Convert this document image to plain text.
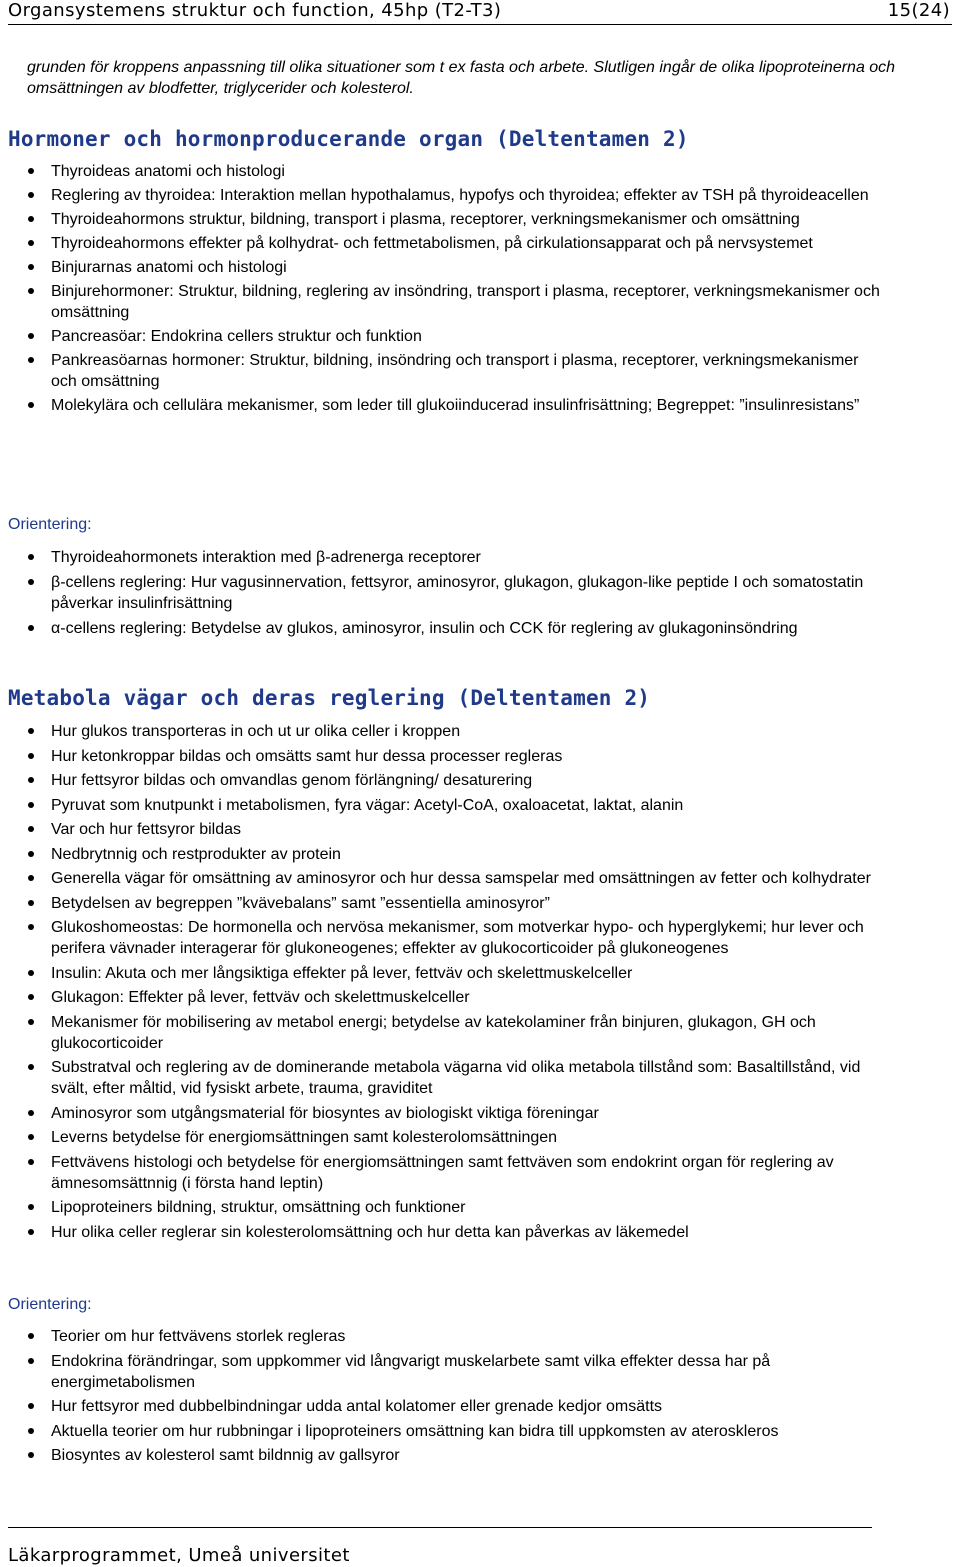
Organsystemens struktur och function, 45hp (T2-T3)	15(24)
grunden för kroppens anpassning till olika situationer som t ex fasta och arbete. Slutligen ingår de olika lipoproteinerna och omsättningen av blodfetter, triglycerider och kolesterol.
Hormoner och hormonproducerande organ (Deltentamen 2)
Thyroideas anatomi och histologi
Reglering av thyroidea: Interaktion mellan hypothalamus, hypofys och thyroidea; effekter av TSH på thyroideacellen
Thyroideahormons struktur, bildning, transport i plasma, receptorer, verkningsmekanismer och omsättning
Thyroideahormons effekter på kolhydrat- och fettmetabolismen, på cirkulationsapparat och på nervsystemet
Binjurarnas anatomi och histologi
Binjurehormoner: Struktur, bildning, reglering av insöndring, transport i plasma, receptorer, verkningsmekanismer och omsättning
Pancreasöar: Endokrina cellers struktur och funktion
Pankreasöarnas hormoner: Struktur, bildning, insöndring och transport i plasma, receptorer, verkningsmekanismer och omsättning
Molekylära och cellulära mekanismer, som leder till glukoiinducerad insulinfrisättning; Begreppet: ”insulinresistans”
Orientering:
Thyroideahormonets interaktion med β-adrenerga receptorer
β-cellens reglering: Hur vagusinnervation, fettsyror, aminosyror, glukagon, glukagon-like peptide I och somatostatin påverkar insulinfrisättning
α-cellens reglering: Betydelse av glukos, aminosyror, insulin och CCK för reglering av glukagoninsöndring
Metabola vägar och deras reglering (Deltentamen 2)
Hur glukos transporteras in och ut ur olika celler i kroppen
Hur ketonkroppar bildas och omsätts samt hur dessa processer regleras
Hur fettsyror bildas och omvandlas genom förlängning/ desaturering
Pyruvat som knutpunkt i metabolismen, fyra vägar: Acetyl-CoA, oxaloacetat, laktat, alanin
Var och hur fettsyror bildas
Nedbrytnnig och restprodukter av protein
Generella vägar för omsättning av aminosyror och hur dessa samspelar med omsättningen av fetter och kolhydrater
Betydelsen av begreppen ”kvävebalans” samt ”essentiella aminosyror”
Glukoshomeostas: De hormonella och nervösa mekanismer, som motverkar hypo- och hyperglykemi; hur lever och perifera vävnader interagerar för glukoneogenes; effekter av glukocorticoider på glukoneogenes
Insulin: Akuta och mer långsiktiga effekter på lever, fettväv och skelettmuskelceller
Glukagon: Effekter på lever, fettväv och skelettmuskelceller
Mekanismer för mobilisering av metabol energi; betydelse av katekolaminer från binjuren, glukagon, GH och glukocorticoider
Substratval och reglering av de dominerande metabola vägarna vid olika metabola tillstånd som: Basaltillstånd, vid svält, efter måltid, vid fysiskt arbete, trauma, graviditet
Aminosyror som utgångsmaterial för biosyntes av biologiskt viktiga föreningar
Leverns betydelse för energiomsättningen samt kolesterolomsättningen
Fettvävens histologi och betydelse för energiomsättningen samt fettväven som endokrint organ för reglering av ämnesomsättnnig (i första hand leptin)
Lipoproteiners bildning, struktur, omsättning och funktioner
Hur olika celler reglerar sin kolesterolomsättning och hur detta kan påverkas av läkemedel
Orientering:
Teorier om hur fettvävens storlek regleras
Endokrina förändringar, som uppkommer vid långvarigt muskelarbete samt vilka effekter dessa har på energimetabolismen
Hur fettsyror med dubbelbindningar udda antal kolatomer eller grenade kedjor omsätts
Aktuella teorier om hur rubbningar i lipoproteiners omsättning kan bidra till uppkomsten av ateroskleros
Biosyntes av kolesterol samt bildnnig av gallsyror
Läkarprogrammet, Umeå universitet
